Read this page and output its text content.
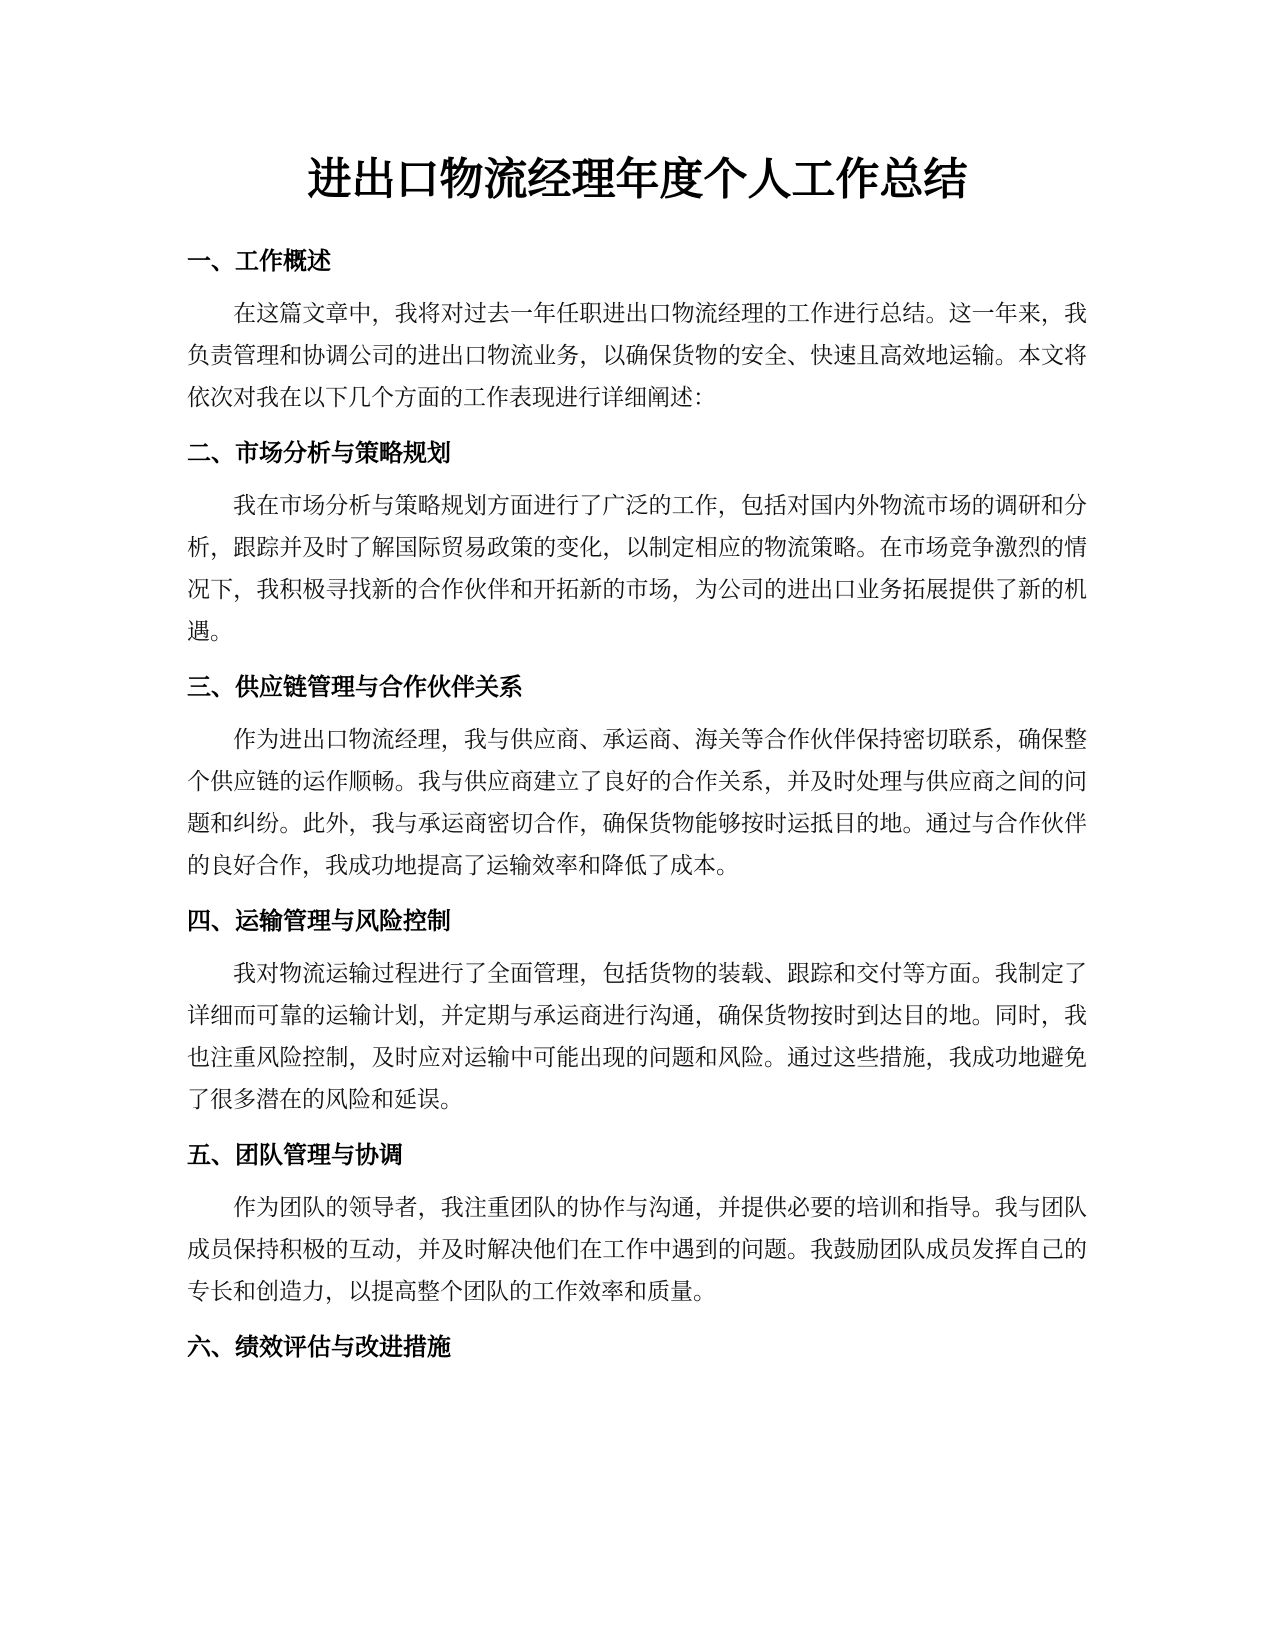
进出口物流经理年度个人工作总结
一、工作概述

在这篇文章中，我将对过去一年任职进出口物流经理的工作进行总结。这一年来，我负责管理和协调公司的进出口物流业务，以确保货物的安全、快速且高效地运输。本文将依次对我在以下几个方面的工作表现进行详细阐述：

二、市场分析与策略规划

我在市场分析与策略规划方面进行了广泛的工作，包括对国内外物流市场的调研和分析，跟踪并及时了解国际贸易政策的变化，以制定相应的物流策略。在市场竞争激烈的情况下，我积极寻找新的合作伙伴和开拓新的市场，为公司的进出口业务拓展提供了新的机遇。

三、供应链管理与合作伙伴关系

作为进出口物流经理，我与供应商、承运商、海关等合作伙伴保持密切联系，确保整个供应链的运作顺畅。我与供应商建立了良好的合作关系，并及时处理与供应商之间的问题和纠纷。此外，我与承运商密切合作，确保货物能够按时运抵目的地。通过与合作伙伴的良好合作，我成功地提高了运输效率和降低了成本。

四、运输管理与风险控制

我对物流运输过程进行了全面管理，包括货物的装载、跟踪和交付等方面。我制定了详细而可靠的运输计划，并定期与承运商进行沟通，确保货物按时到达目的地。同时，我也注重风险控制，及时应对运输中可能出现的问题和风险。通过这些措施，我成功地避免了很多潜在的风险和延误。

五、团队管理与协调

作为团队的领导者，我注重团队的协作与沟通，并提供必要的培训和指导。我与团队成员保持积极的互动，并及时解决他们在工作中遇到的问题。我鼓励团队成员发挥自己的专长和创造力，以提高整个团队的工作效率和质量。

六、绩效评估与改进措施
